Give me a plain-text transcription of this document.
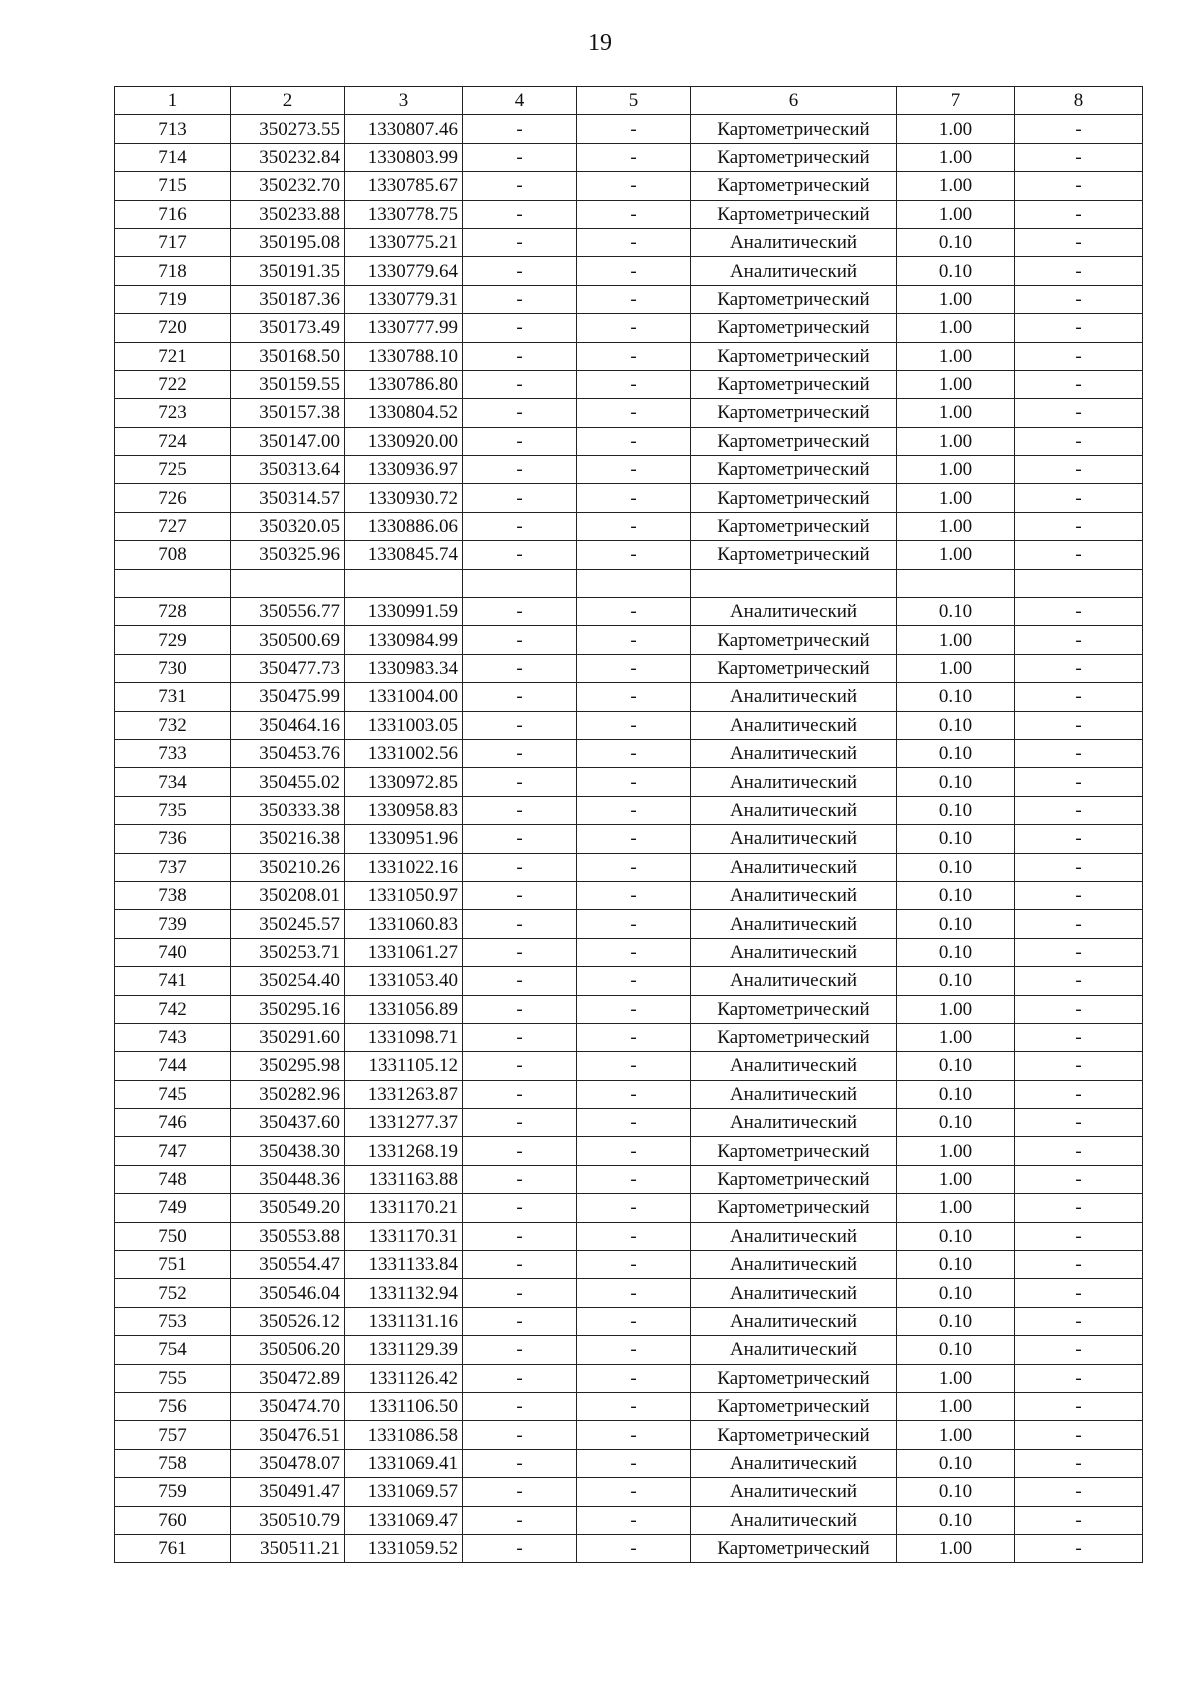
19
1	2	3	4	5	6	7	8
713	350273.55	1330807.46	-	-	Картометрический	1.00	-
714	350232.84	1330803.99	-	-	Картометрический	1.00	-
715	350232.70	1330785.67	-	-	Картометрический	1.00	-
716	350233.88	1330778.75	-	-	Картометрический	1.00	-
717	350195.08	1330775.21	-	-	Аналитический	0.10	-
718	350191.35	1330779.64	-	-	Аналитический	0.10	-
719	350187.36	1330779.31	-	-	Картометрический	1.00	-
720	350173.49	1330777.99	-	-	Картометрический	1.00	-
721	350168.50	1330788.10	-	-	Картометрический	1.00	-
722	350159.55	1330786.80	-	-	Картометрический	1.00	-
723	350157.38	1330804.52	-	-	Картометрический	1.00	-
724	350147.00	1330920.00	-	-	Картометрический	1.00	-
725	350313.64	1330936.97	-	-	Картометрический	1.00	-
726	350314.57	1330930.72	-	-	Картометрический	1.00	-
727	350320.05	1330886.06	-	-	Картометрический	1.00	-
708	350325.96	1330845.74	-	-	Картометрический	1.00	-

728	350556.77	1330991.59	-	-	Аналитический	0.10	-
729	350500.69	1330984.99	-	-	Картометрический	1.00	-
730	350477.73	1330983.34	-	-	Картометрический	1.00	-
731	350475.99	1331004.00	-	-	Аналитический	0.10	-
732	350464.16	1331003.05	-	-	Аналитический	0.10	-
733	350453.76	1331002.56	-	-	Аналитический	0.10	-
734	350455.02	1330972.85	-	-	Аналитический	0.10	-
735	350333.38	1330958.83	-	-	Аналитический	0.10	-
736	350216.38	1330951.96	-	-	Аналитический	0.10	-
737	350210.26	1331022.16	-	-	Аналитический	0.10	-
738	350208.01	1331050.97	-	-	Аналитический	0.10	-
739	350245.57	1331060.83	-	-	Аналитический	0.10	-
740	350253.71	1331061.27	-	-	Аналитический	0.10	-
741	350254.40	1331053.40	-	-	Аналитический	0.10	-
742	350295.16	1331056.89	-	-	Картометрический	1.00	-
743	350291.60	1331098.71	-	-	Картометрический	1.00	-
744	350295.98	1331105.12	-	-	Аналитический	0.10	-
745	350282.96	1331263.87	-	-	Аналитический	0.10	-
746	350437.60	1331277.37	-	-	Аналитический	0.10	-
747	350438.30	1331268.19	-	-	Картометрический	1.00	-
748	350448.36	1331163.88	-	-	Картометрический	1.00	-
749	350549.20	1331170.21	-	-	Картометрический	1.00	-
750	350553.88	1331170.31	-	-	Аналитический	0.10	-
751	350554.47	1331133.84	-	-	Аналитический	0.10	-
752	350546.04	1331132.94	-	-	Аналитический	0.10	-
753	350526.12	1331131.16	-	-	Аналитический	0.10	-
754	350506.20	1331129.39	-	-	Аналитический	0.10	-
755	350472.89	1331126.42	-	-	Картометрический	1.00	-
756	350474.70	1331106.50	-	-	Картометрический	1.00	-
757	350476.51	1331086.58	-	-	Картометрический	1.00	-
758	350478.07	1331069.41	-	-	Аналитический	0.10	-
759	350491.47	1331069.57	-	-	Аналитический	0.10	-
760	350510.79	1331069.47	-	-	Аналитический	0.10	-
761	350511.21	1331059.52	-	-	Картометрический	1.00	-
